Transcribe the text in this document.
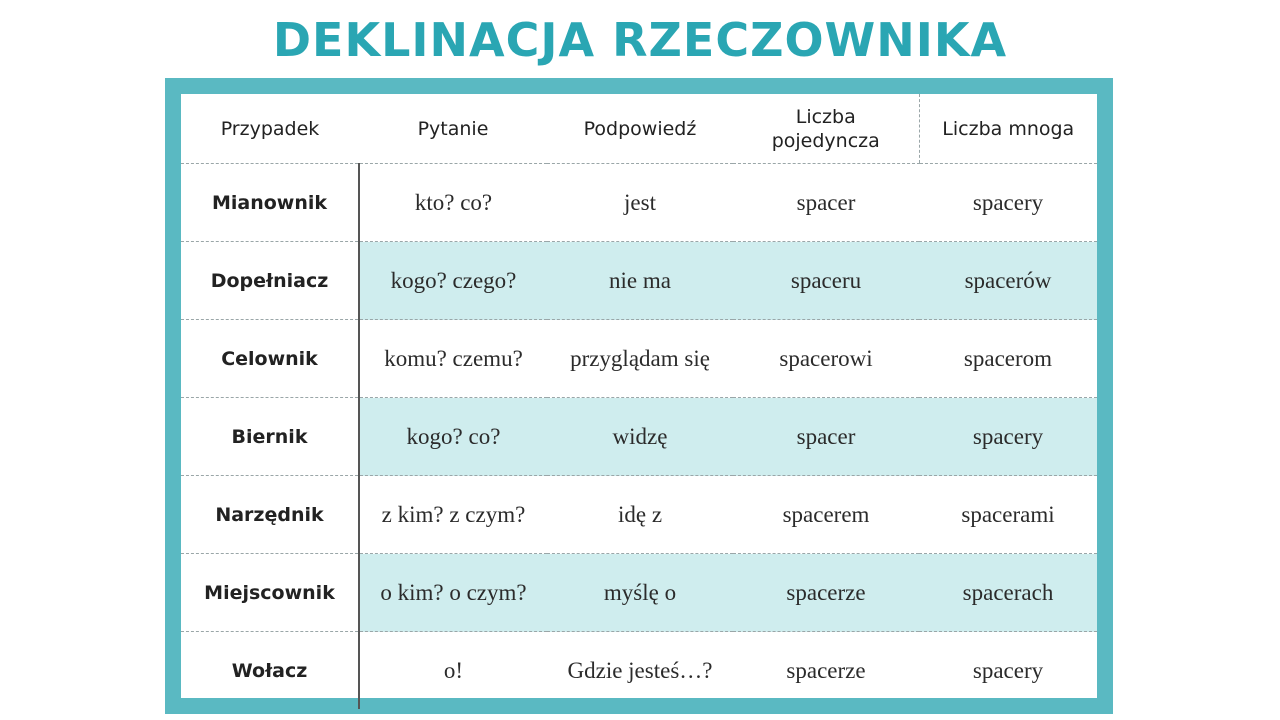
DEKLINACJA RZECZOWNIKA
Przypadek	Pytanie	Podpowiedź	Liczba pojedyncza	Liczba mnoga
Mianownik	kto? co?	jest	spacer	spacery
Dopełniacz	kogo? czego?	nie ma	spaceru	spacerów
Celownik	komu? czemu?	przyglądam się	spacerowi	spacerom
Biernik	kogo? co?	widzę	spacer	spacery
Narzędnik	z kim? z czym?	idę z	spacerem	spacerami
Miejscownik	o kim? o czym?	myślę o	spacerze	spacerach
Wołacz	o!	Gdzie jesteś…?	spacerze	spacery
